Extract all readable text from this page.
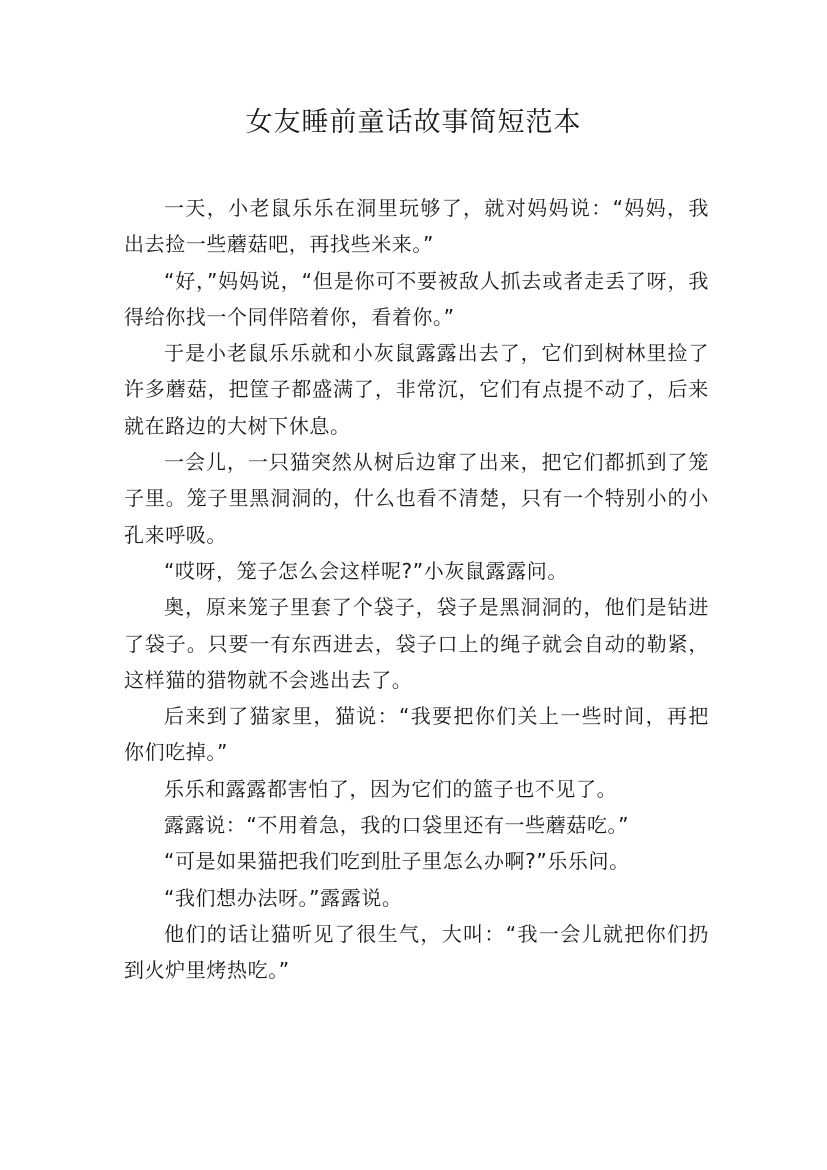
女友睡前童话故事简短范本

一天，小老鼠乐乐在洞里玩够了，就对妈妈说：“妈妈，我出去捡一些蘑菇吧，再找些米来。”

“好，”妈妈说，“但是你可不要被敌人抓去或者走丢了呀，我得给你找一个同伴陪着你，看着你。”

于是小老鼠乐乐就和小灰鼠露露出去了，它们到树林里捡了许多蘑菇，把筐子都盛满了，非常沉，它们有点提不动了，后来就在路边的大树下休息。

一会儿，一只猫突然从树后边窜了出来，把它们都抓到了笼子里。笼子里黑洞洞的，什么也看不清楚，只有一个特别小的小孔来呼吸。

“哎呀，笼子怎么会这样呢?”小灰鼠露露问。

奥，原来笼子里套了个袋子，袋子是黑洞洞的，他们是钻进了袋子。只要一有东西进去，袋子口上的绳子就会自动的勒紧，这样猫的猎物就不会逃出去了。

后来到了猫家里，猫说：“我要把你们关上一些时间，再把你们吃掉。”

乐乐和露露都害怕了，因为它们的篮子也不见了。

露露说：“不用着急，我的口袋里还有一些蘑菇吃。”

“可是如果猫把我们吃到肚子里怎么办啊?”乐乐问。

“我们想办法呀。”露露说。

他们的话让猫听见了很生气，大叫：“我一会儿就把你们扔到火炉里烤热吃。”
